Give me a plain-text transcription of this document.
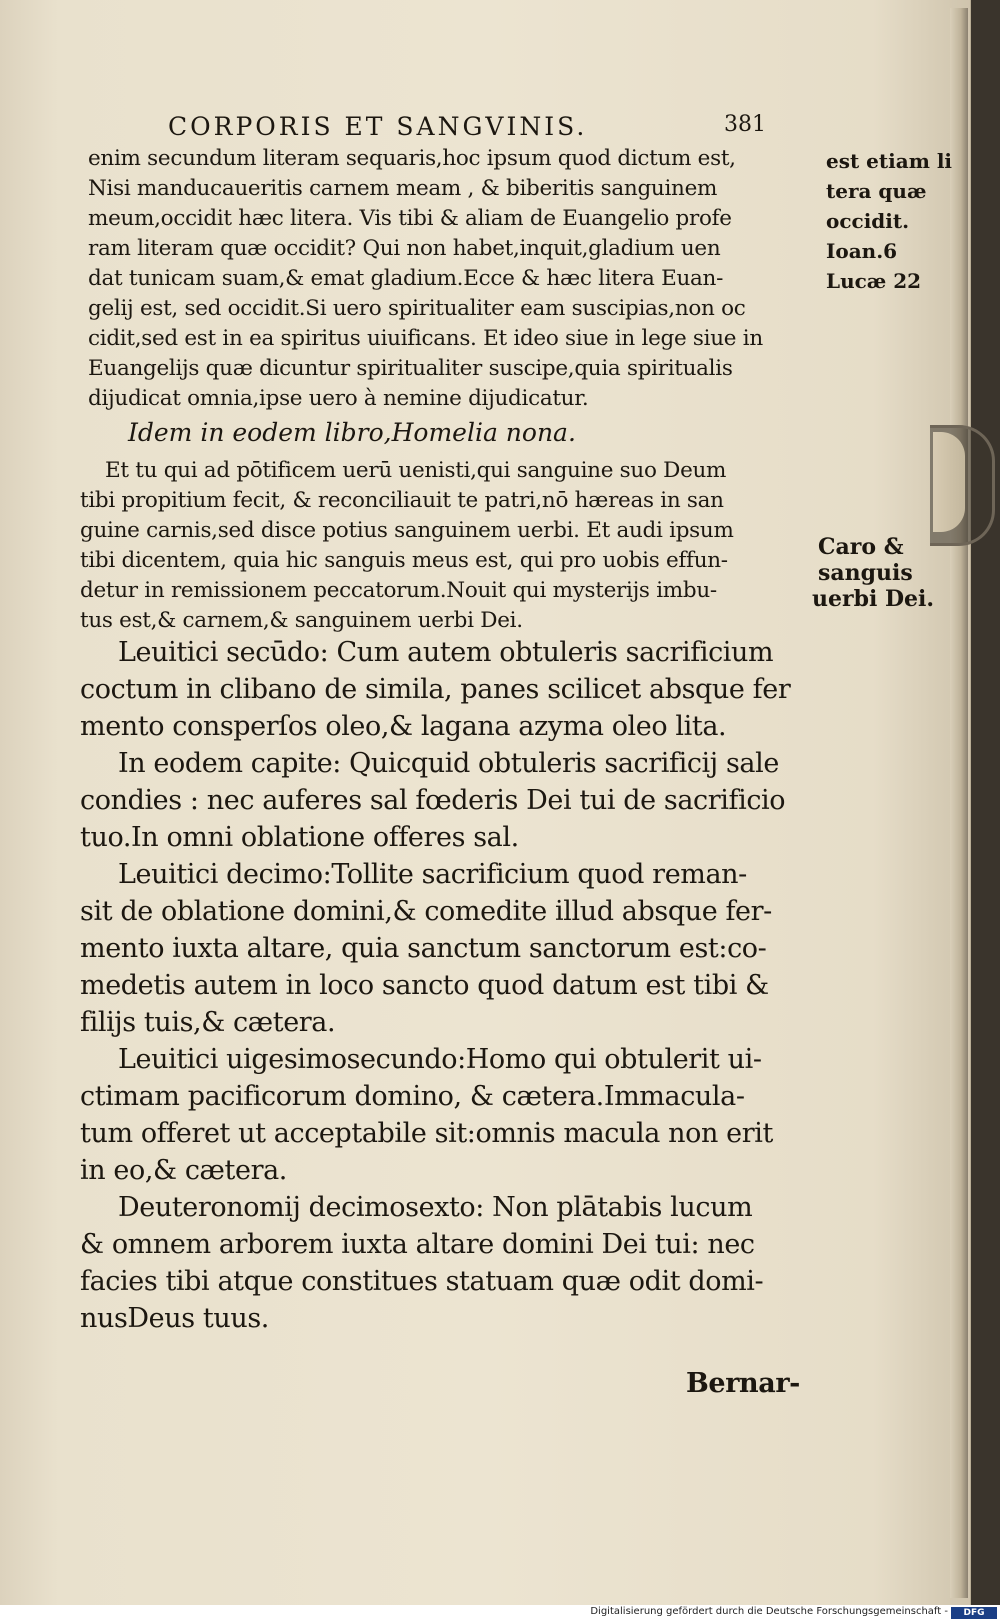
CORPORIS ET SANGVINIS.	381
enim secundum literam sequaris,hoc ipsum quod dictum est,
Nisi manducaueritis carnem meam , & biberitis sanguinem
meum,occidit hæc litera. Vis tibi & aliam de Euangelio profe
ram literam quæ occidit? Qui non habet,inquit,gladium uen
dat tunicam suam,& emat gladium.Ecce & hæc litera Euan-
gelij est, sed occidit.Si uero spiritualiter eam suscipias,non oc
cidit,sed est in ea spiritus uiuificans. Et ideo siue in lege siue in
Euangelijs quæ dicuntur spiritualiter suscipe,quia spiritualis
dijudicat omnia,ipse uero à nemine dijudicatur.
Idem in eodem libro,Homelia nona.
Et tu qui ad pōtificem uerū uenisti,qui sanguine suo Deum
tibi propitium fecit, & reconciliauit te patri,nō hæreas in san
guine carnis,sed disce potius sanguinem uerbi. Et audi ipsum
tibi dicentem, quia hic sanguis meus est, qui pro uobis effun-
detur in remissionem peccatorum.Nouit qui mysterijs imbu-
tus est,& carnem,& sanguinem uerbi Dei.
Leuitici secūdo: Cum autem obtuleris sacrificium
coctum in clibano de simila, panes scilicet absque fer
mento consperſos oleo,& lagana azyma oleo lita.
In eodem capite: Quicquid obtuleris sacrificij sale
condies : nec auferes sal fœderis Dei tui de sacrificio
tuo.In omni oblatione offeres sal.
Leuitici decimo:Tollite sacrificium quod reman-
sit de oblatione domini,& comedite illud absque fer-
mento iuxta altare, quia sanctum sanctorum est:co-
medetis autem in loco sancto quod datum est tibi &
filijs tuis,& cætera.
Leuitici uigesimosecundo:Homo qui obtulerit ui-
ctimam pacificorum domino, & cætera.Immacula-
tum offeret ut acceptabile sit:omnis macula non erit
in eo,& cætera.
Deuteronomij decimosexto: Non plātabis lucum
& omnem arborem iuxta altare domini Dei tui: nec
facies tibi atque constitues statuam quæ odit domi-
nusDeus tuus.
Bernar-
est etiam li
tera quæ
occidit.
Ioan.6
Lucæ 22
Caro &
sanguis
uerbi Dei.
Digitalisierung gefördert durch die Deutsche Forschungsgemeinschaft -	DFG
